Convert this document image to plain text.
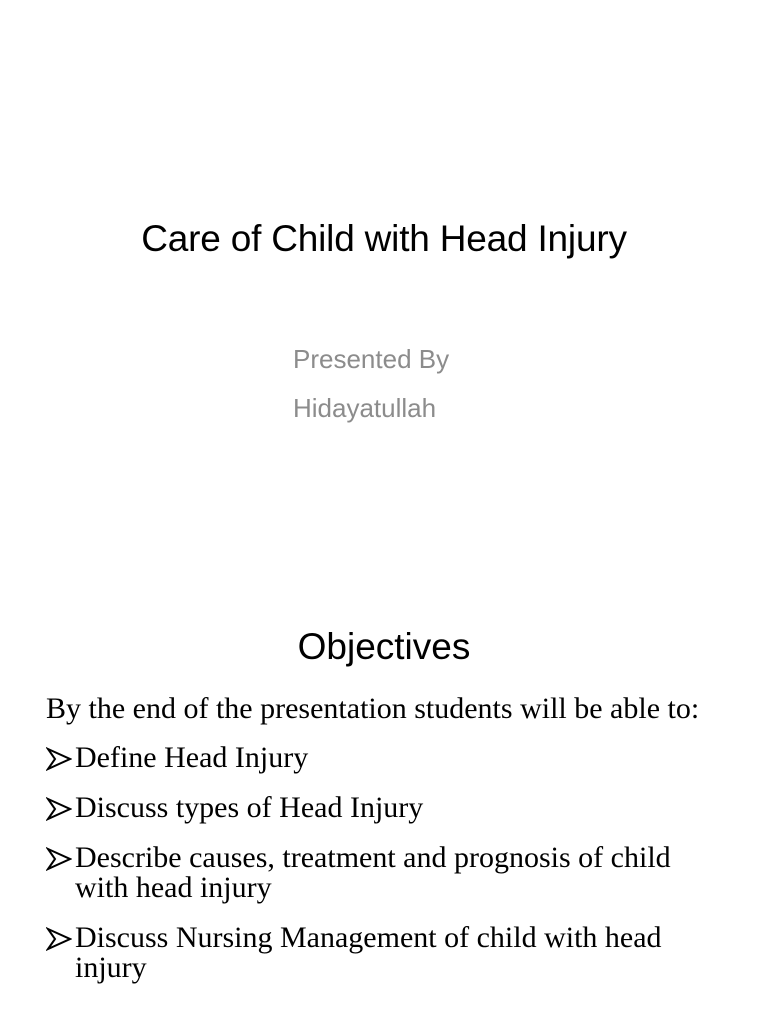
Care of Child with Head Injury
Presented By
Hidayatullah
Objectives

By the end of the presentation students will be able to:

Define Head Injury
Discuss types of Head Injury
Describe causes, treatment and prognosis of child with head injury
Discuss Nursing Management of child with head injury
